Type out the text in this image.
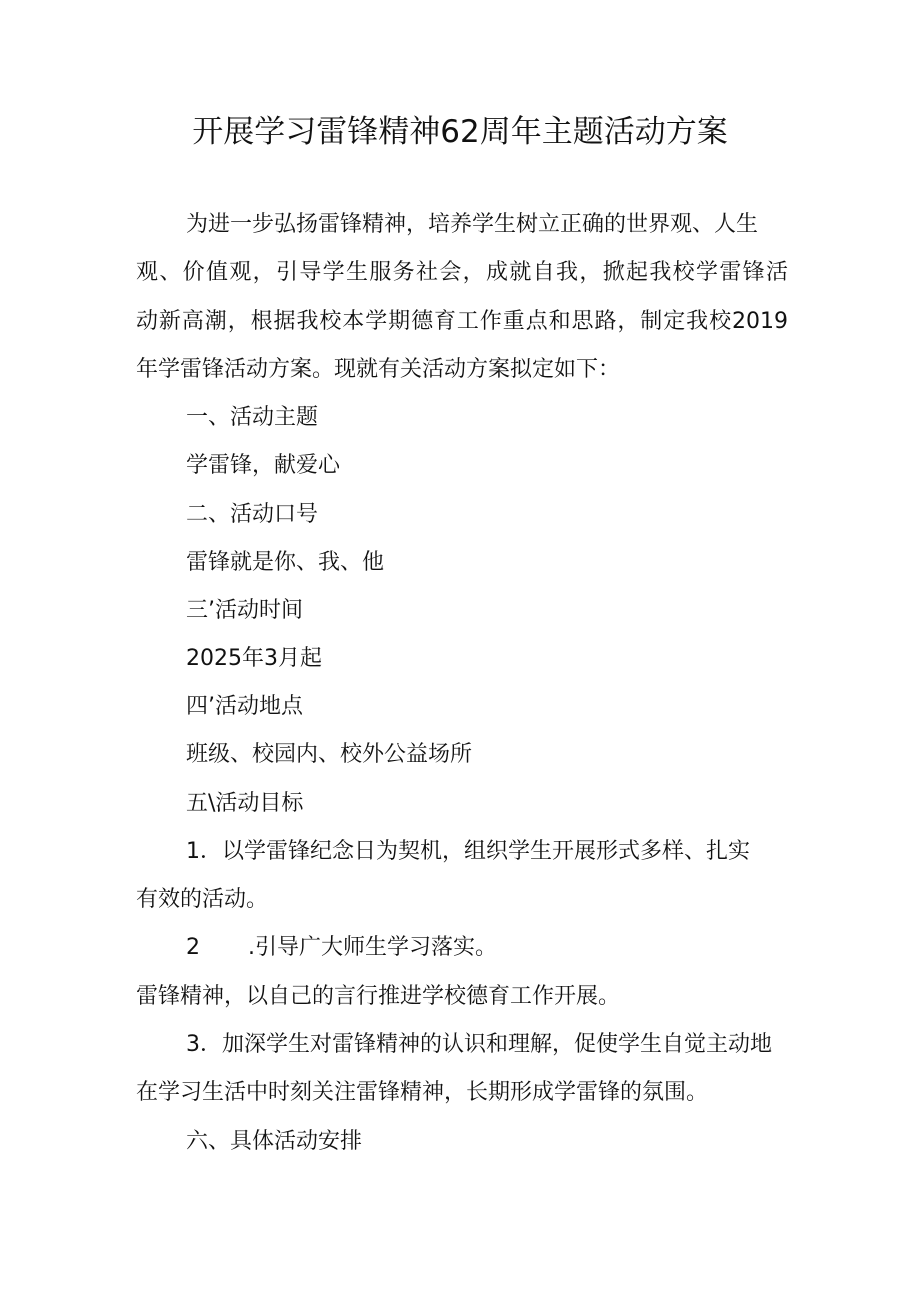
开展学习雷锋精神62周年主题活动方案
为进一步弘扬雷锋精神，培养学生树立正确的世界观、人生
观、价值观，引导学生服务社会，成就自我，掀起我校学雷锋活
动新高潮，根据我校本学期德育工作重点和思路，制定我校2019
年学雷锋活动方案。现就有关活动方案拟定如下：
一、活动主题
学雷锋，献爱心
二、活动口号
雷锋就是你、我、他
三’活动时间
2025年3月起
四’活动地点
班级、校园内、校外公益场所
五\活动目标
1．以学雷锋纪念日为契机，组织学生开展形式多样、扎实
有效的活动。
2 .引导广大师生学习落实。
雷锋精神，以自己的言行推进学校德育工作开展。
3．加深学生对雷锋精神的认识和理解，促使学生自觉主动地
在学习生活中时刻关注雷锋精神，长期形成学雷锋的氛围。
六、具体活动安排
